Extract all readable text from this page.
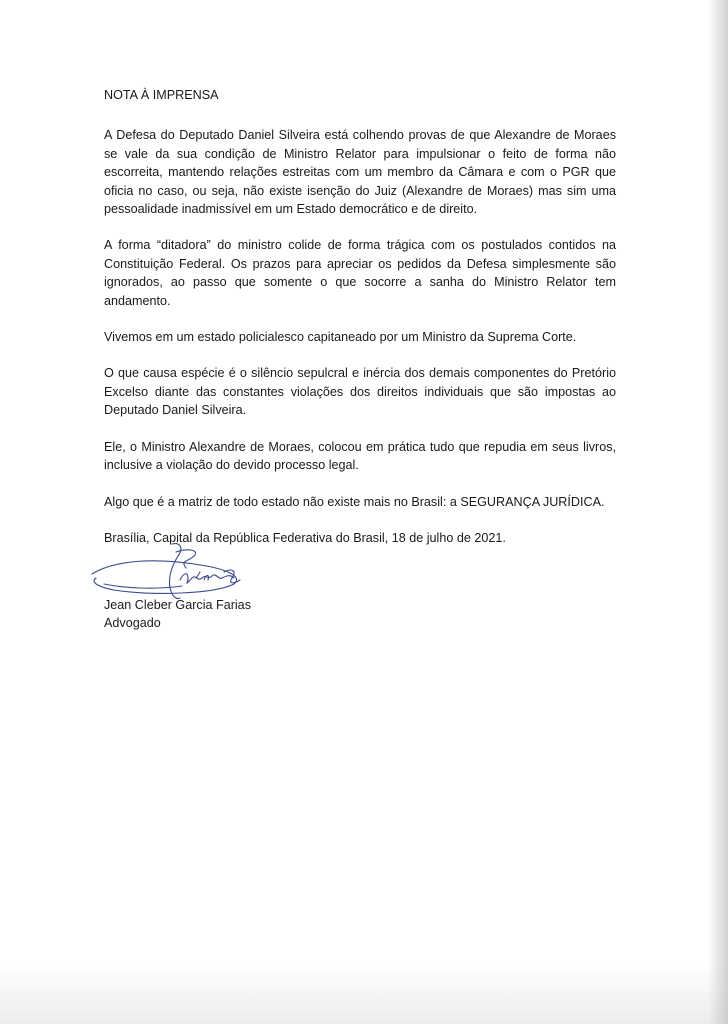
NOTA À IMPRENSA

A Defesa do Deputado Daniel Silveira está colhendo provas de que Alexandre de Moraes se vale da sua condição de Ministro Relator para impulsionar o feito de forma não escorreita, mantendo relações estreitas com um membro da Câmara e com o PGR que oficia no caso, ou seja, não existe isenção do Juiz (Alexandre de Moraes) mas sim uma pessoalidade inadmissível em um Estado democrático e de direito.

A forma “ditadora” do ministro colide de forma trágica com os postulados contidos na Constituição Federal. Os prazos para apreciar os pedidos da Defesa simplesmente são ignorados, ao passo que somente o que socorre a sanha do Ministro Relator tem andamento.

Vivemos em um estado policialesco capitaneado por um Ministro da Suprema Corte.

O que causa espécie é o silêncio sepulcral e inércia dos demais componentes do Pretório Excelso diante das constantes violações dos direitos individuais que são impostas ao Deputado Daniel Silveira.

Ele, o Ministro Alexandre de Moraes, colocou em prática tudo que repudia em seus livros, inclusive a violação do devido processo legal.

Algo que é a matriz de todo estado não existe mais no Brasil: a SEGURANÇA JURÍDICA.

Brasília, Capital da República Federativa do Brasil, 18 de julho de 2021.

Jean Cleber Garcia Farias

Advogado
